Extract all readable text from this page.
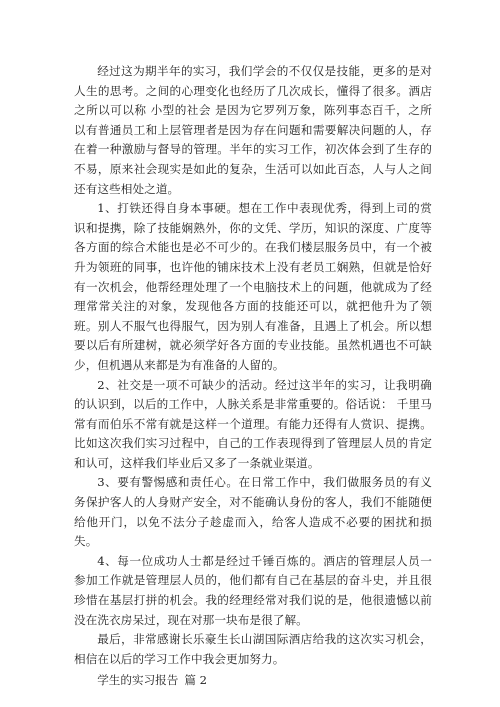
经过这为期半年的实习，我们学会的不仅仅是技能，更多的是对人生的思考。之间的心理变化也经历了几次成长，懂得了很多。酒店之所以可以称 小型的社会 是因为它罗列万象，陈列事态百千，之所以有普通员工和上层管理者是因为存在问题和需要解决问题的人，存在着一种激励与督导的管理。半年的实习工作，初次体会到了生存的不易，原来社会现实是如此的复杂，生活可以如此百态，人与人之间还有这些相处之道。

1、打铁还得自身本事硬。想在工作中表现优秀，得到上司的赏识和提携，除了技能娴熟外，你的文凭、学历，知识的深度、广度等各方面的综合术能也是必不可少的。在我们楼层服务员中，有一个被升为领班的同事，也许他的铺床技术上没有老员工娴熟，但就是恰好有一次机会，他帮经理处理了一个电脑技术上的问题，他就成为了经理常常关注的对象，发现他各方面的技能还可以，就把他升为了领班。别人不服气也得服气，因为别人有准备，且遇上了机会。所以想要以后有所建树，就必须学好各方面的专业技能。虽然机遇也不可缺少，但机遇从来都是为有准备的人留的。

2、社交是一项不可缺少的活动。经过这半年的实习，让我明确的认识到，以后的工作中，人脉关系是非常重要的。俗话说： 千里马常有而伯乐不常有就是这样一个道理。有能力还得有人赏识、提携。比如这次我们实习过程中，自己的工作表现得到了管理层人员的肯定和认可，这样我们毕业后又多了一条就业渠道。

3、要有警惕感和责任心。在日常工作中，我们做服务员的有义务保护客人的人身财产安全，对不能确认身份的客人，我们不能随便给他开门，以免不法分子趁虚而入，给客人造成不必要的困扰和损失。

4、每一位成功人士都是经过千锤百炼的。酒店的管理层人员一参加工作就是管理层人员的，他们都有自己在基层的奋斗史，并且很珍惜在基层打拼的机会。我的经理经常对我们说的是，他很遗憾以前没在洗衣房呆过，现在对那一块布是很了解。

最后，非常感谢长乐豪生长山湖国际酒店给我的这次实习机会，相信在以后的学习工作中我会更加努力。

学生的实习报告 篇 2
